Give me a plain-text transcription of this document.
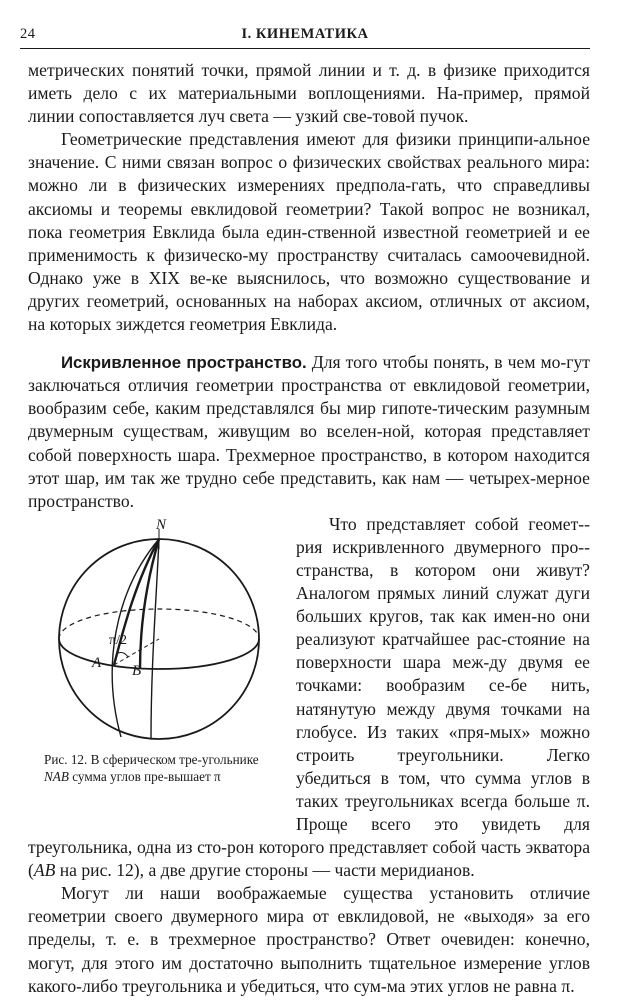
24	I. КИНЕМАТИКА

метрических понятий точки, прямой линии и т. д. в физике приходится иметь дело с их материальными воплощениями. На-пример, прямой линии сопоставляется луч света — узкий све-товой пучок.

Геометрические представления имеют для физики принципи-альное значение. С ними связан вопрос о физических свойствах реального мира: можно ли в физических измерениях предпола-гать, что справедливы аксиомы и теоремы евклидовой геометрии? Такой вопрос не возникал, пока геометрия Евклида была един-ственной известной геометрией и ее применимость к физическо-му пространству считалась самоочевидной. Однако уже в XIX ве-ке выяснилось, что возможно существование и других геометрий, основанных на наборах аксиом, отличных от аксиом, на которых зиждется геометрия Евклида.

Искривленное пространство. Для того чтобы понять, в чем мо-гут заключаться отличия геометрии пространства от евклидовой геометрии, вообразим себе, каким представлялся бы мир гипоте-тическим разумным двумерным существам, живущим во вселен-ной, которая представляет собой поверхность шара. Трехмерное пространство, в котором находится этот шар, им так же трудно себе представить, как нам — четырех-мерное пространство.

N
A B
π/2
Рис. 12. В сферическом тре-угольнике NAB сумма углов пре-вышает π

Что представляет собой геомет-рия искривленного двумерного про-странства, в котором они живут? Аналогом прямых линий служат дуги больших кругов, так как имен-но они реализуют кратчайшее рас-стояние на поверхности шара меж-ду двумя ее точками: вообразим се-бе нить, натянутую между двумя точками на глобусе. Из таких «пря-мых» можно строить треугольники. Легко убедиться в том, что сумма углов в таких треугольниках всегда больше π. Проще всего это увидеть для треугольника, одна из сто-рон которого представляет собой часть экватора (AB на рис. 12), а две другие стороны — части меридианов.

Могут ли наши воображаемые существа установить отличие геометрии своего двумерного мира от евклидовой, не «выходя» за его пределы, т. е. в трехмерное пространство? Ответ очевиден: конечно, могут, для этого им достаточно выполнить тщательное измерение углов какого-либо треугольника и убедиться, что сум-ма этих углов не равна π.
